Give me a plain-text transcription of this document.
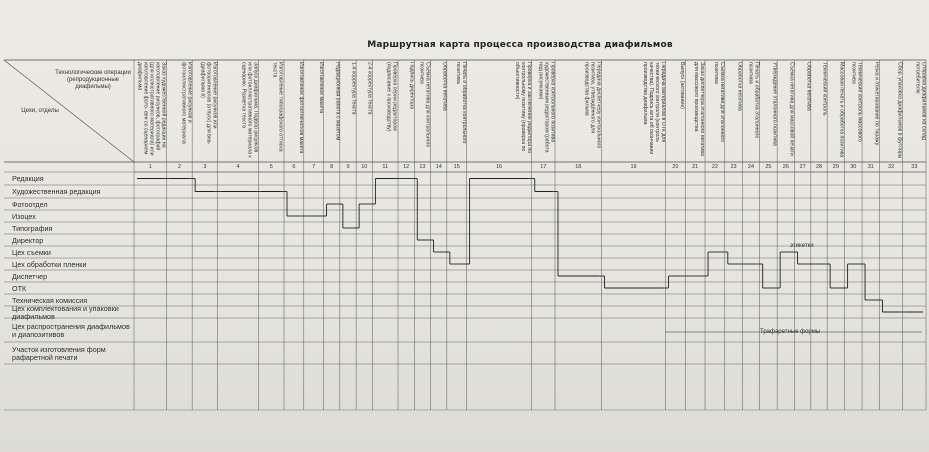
Маршрутная карта процесса производства диафильмов
Технологические операции (репродукционные диафильмы)
Цехи, отделы	Заказ художественной редакции на изготовление рисунков, фотографий (для иллюстративного материала) или изготовление фото- вен со сценарием диафильма
1
Изготовление рисунков и фотоиллюстративного материала
2
Изготовление рисунков или фотооригиналов (отпуск) для вна- (диафильма в)
3
Запуск диафильма. Подбор рисунков или фотоиллюстративного материала к сценарию. Разметка текста
4
Изготовление типографского оттиска текста
5
Изготовление фотоотпечатков макета
6
Изготовление макета
7
Редакционная работа с макетом
8
1-я корректура текста
9
2-я корректура текста
10
Проверка серии редактором (подписание к производству)
11
Подпись директора
12
Съемка негатива для контрольного позитива
13
Обработка негатива
14
Печать и обработка контрольного позитива
15
Проверка и заключение редактора по контрольному позитиву (проверка по объективности)
16
Проверка контрольного позитива художественным редактором (работа над рисунками)
17
Передача диспетчеру контрольного позитива, утверждённого для производства фильма
18
Передача материалов в ОТК для технического контроля (контроль качества). Подпись акта об окончании производства диафильма
19
Выпуск (актование)
20
Заказ диспетчера эталонного негатива для массового производства
21
Съемка негатива для эталонного позитива
22
Обработка негатива
23
Печать и обработка эталонного позитива
24
Утверждение эталонного позитива
25
Съемка негатива для массовой печати
26
Обработка негатива
27
Технический контроль
28
Массовая печать и обработка позитива
29
Технический контроль массового позитива
30
Резка и этикетирование по тиражу
31
Сбор, упаковка диафильмов в футляры
32
Отправка диафильмов на склад потребителю
33
Редакция
Художественная редакция
Фотоотдел
Изоцех
Типография
Директор
Цех съемки
Цех обработки пленки
Диспетчер
ОТК
Техническая комиссия
Цех комплектования и упаковки диафильмов
Цех распространения диафильмов и диапозитивов
Участок изготовления форм рафаретной печати
этикетки
Трафаретные формы
